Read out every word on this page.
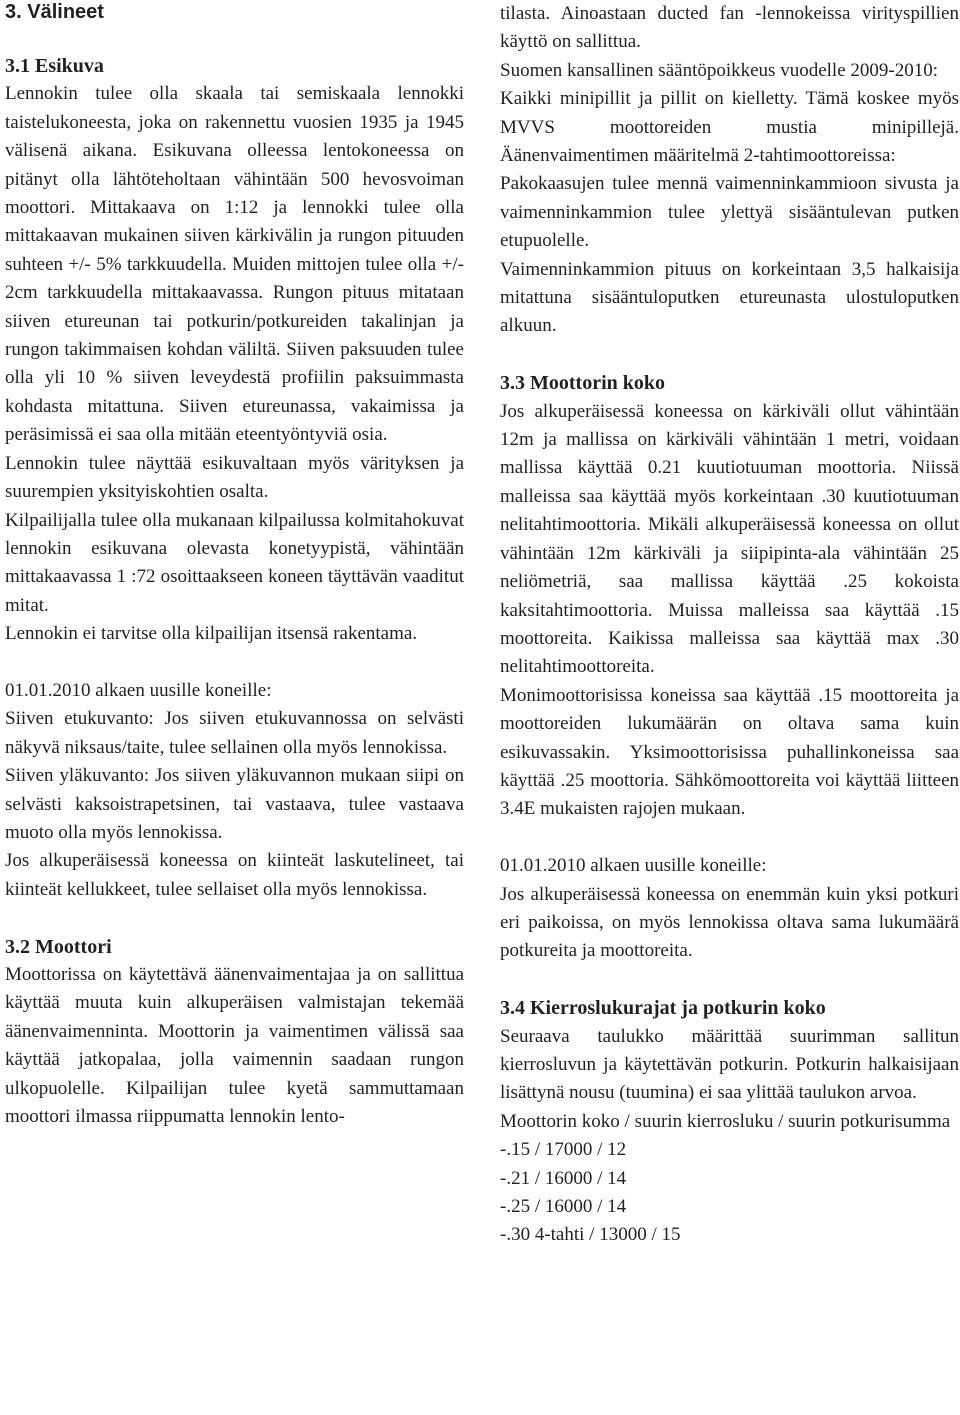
3. Välineet
3.1 Esikuva

Lennokin tulee olla skaala tai semiskaala lennokki taistelukoneesta, joka on rakennettu vuosien 1935 ja 1945 välisenä aikana. Esikuvana olleessa lentokoneessa on pitänyt olla lähtöteholtaan vähintään 500 hevosvoiman moottori. Mittakaava on 1:12 ja lennokki tulee olla mittakaavan mukainen siiven kärkivälin ja rungon pituuden suhteen +/- 5% tarkkuudella. Muiden mittojen tulee olla +/- 2cm tarkkuudella mittakaavassa. Rungon pituus mitataan siiven etureunan tai potkurin/potkureiden takalinjan ja rungon takimmaisen kohdan väliltä. Siiven paksuuden tulee olla yli 10 % siiven leveydestä profiilin paksuimmasta kohdasta mitattuna. Siiven etureunassa, vakaimissa ja peräsimissä ei saa olla mitään eteentyöntyviä osia.

Lennokin tulee näyttää esikuvaltaan myös värityksen ja suurempien yksityiskohtien osalta.

Kilpailijalla tulee olla mukanaan kilpailussa kolmitahokuvat lennokin esikuvana olevasta konetyypistä, vähintään mittakaavassa 1 :72 osoittaakseen koneen täyttävän vaaditut mitat.

Lennokin ei tarvitse olla kilpailijan itsensä rakentama.

01.01.2010 alkaen uusille koneille:

Siiven etukuvanto: Jos siiven etukuvannossa on selvästi näkyvä niksaus/taite, tulee sellainen olla myös lennokissa.

Siiven yläkuvanto: Jos siiven yläkuvannon mukaan siipi on selvästi kaksoistrapetsinen, tai vastaava, tulee vastaava muoto olla myös lennokissa.

Jos alkuperäisessä koneessa on kiinteät laskutelineet, tai kiinteät kellukkeet, tulee sellaiset olla myös lennokissa.

3.2 Moottori

Moottorissa on käytettävä äänenvaimentajaa ja on sallittua käyttää muuta kuin alkuperäisen valmistajan tekemää äänenvaimenninta. Moottorin ja vaimentimen välissä saa käyttää jatkopalaa, jolla vaimennin saadaan rungon ulkopuolelle. Kilpailijan tulee kyetä sammuttamaan moottori ilmassa riippumatta lennokin lento-

tilasta. Ainoastaan ducted fan -lennokeissa virityspillien käyttö on sallittua.

Suomen kansallinen sääntöpoikkeus vuodelle 2009-2010:

Kaikki minipillit ja pillit on kielletty. Tämä koskee myös MVVS moottoreiden mustia minipillejä. Äänenvaimentimen määritelmä 2-tahtimoottoreissa:

Pakokaasujen tulee mennä vaimenninkammioon sivusta ja vaimenninkammion tulee ylettyä sisääntulevan putken etupuolelle.

Vaimenninkammion pituus on korkeintaan 3,5 halkaisija mitattuna sisääntuloputken etureunasta ulostuloputken alkuun.

3.3 Moottorin koko

Jos alkuperäisessä koneessa on kärkiväli ollut vähintään 12m ja mallissa on kärkiväli vähintään 1 metri, voidaan mallissa käyttää 0.21 kuutiotuuman moottoria. Niissä malleissa saa käyttää myös korkeintaan .30 kuutiotuuman nelitahtimoottoria. Mikäli alkuperäisessä koneessa on ollut vähintään 12m kärkiväli ja siipipinta-ala vähintään 25 neliömetriä, saa mallissa käyttää .25 kokoista kaksitahtimoottoria. Muissa malleissa saa käyttää .15 moottoreita. Kaikissa malleissa saa käyttää max .30 nelitahtimoottoreita.

Monimoottorisissa koneissa saa käyttää .15 moottoreita ja moottoreiden lukumäärän on oltava sama kuin esikuvassakin. Yksimoottorisissa puhallinkoneissa saa käyttää .25 moottoria. Sähkömoottoreita voi käyttää liitteen 3.4E mukaisten rajojen mukaan.

01.01.2010 alkaen uusille koneille:

Jos alkuperäisessä koneessa on enemmän kuin yksi potkuri eri paikoissa, on myös lennokissa oltava sama lukumäärä potkureita ja moottoreita.

3.4 Kierroslukurajat ja potkurin koko

Seuraava taulukko määrittää suurimman sallitun kierrosluvun ja käytettävän potkurin. Potkurin halkaisijaan lisättynä nousu (tuumina) ei saa ylittää taulukon arvoa.

Moottorin koko / suurin kierrosluku / suurin potkurisumma

-.15 / 17000 / 12

-.21 / 16000 / 14

-.25 / 16000 / 14

-.30 4-tahti / 13000 / 15
